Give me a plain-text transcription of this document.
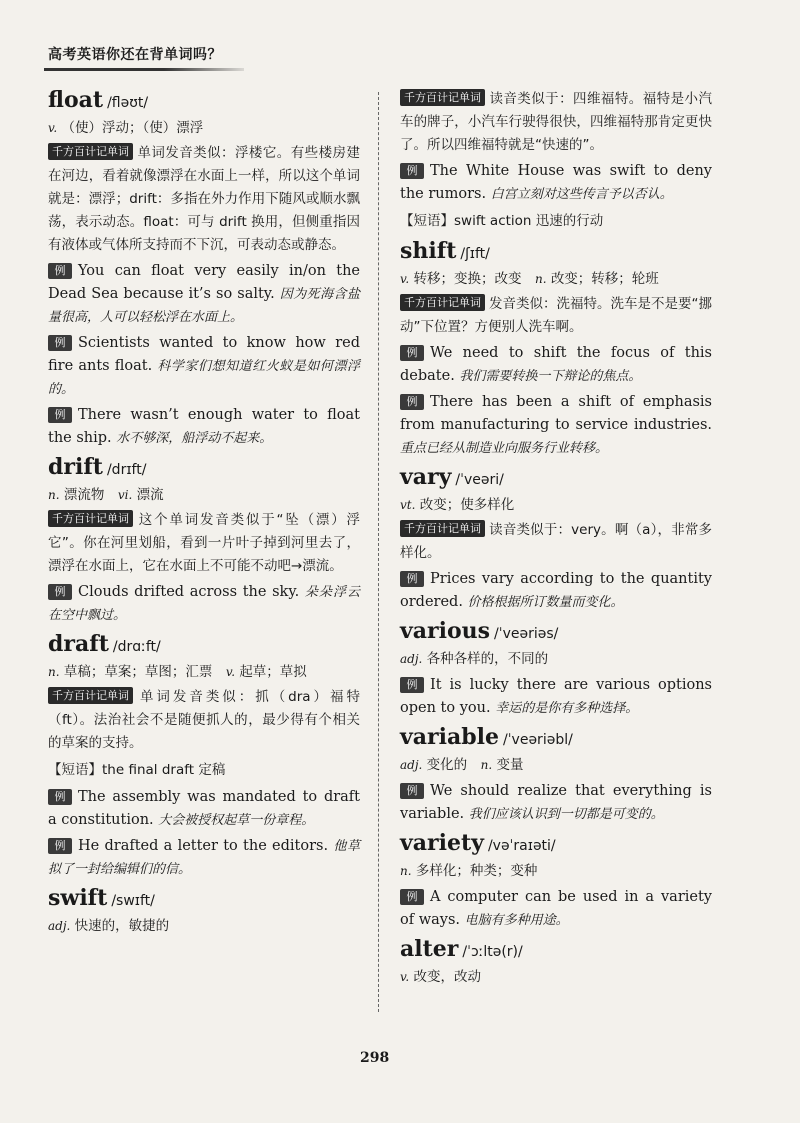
高考英语你还在背单词吗？
float /fləʊt/
v. （使）浮动；（使）漂浮　
千方百计记单词 单词发音类似：浮楼它。有些楼房建在河边，看着就像漂浮在水面上一样，所以这个单词就是：漂浮；drift：多指在外力作用下随风或顺水飘荡，表示动态。float：可与 drift 换用，但侧重指因有液体或气体所支持而不下沉，可表动态或静态。
例 You can float very easily in/on the Dead Sea because it’s so salty. 因为死海含盐量很高，人可以轻松浮在水面上。
例 Scientists wanted to know how red fire ants float. 科学家们想知道红火蚁是如何漂浮的。
例 There wasn’t enough water to float the ship. 水不够深，船浮动不起来。
drift /drɪft/
n. 漂流物　 vi. 漂流　
千方百计记单词 这个单词发音类似于“坠（漂）浮它”。你在河里划船，看到一片叶子掉到河里去了，漂浮在水面上，它在水面上不可能不动吧→漂流。
例 Clouds drifted across the sky. 朵朵浮云在空中飘过。
draft /drɑːft/
n. 草稿；草案；草图；汇票　 v. 起草；草拟　
千方百计记单词 单词发音类似：抓（dra）福特（ft）。法治社会不是随便抓人的，最少得有个相关的草案的支持。
【短语】the final draft 定稿
例 The assembly was mandated to draft a constitution. 大会被授权起草一份章程。
例 He drafted a letter to the editors. 他草拟了一封给编辑们的信。
swift /swɪft/
adj. 快速的，敏捷的　
千方百计记单词 读音类似于：四维福特。福特是小汽车的牌子，小汽车行驶得很快，四维福特那肯定更快了。所以四维福特就是“快速的”。
例 The White House was swift to deny the rumors. 白宫立刻对这些传言予以否认。
【短语】swift action 迅速的行动
shift /ʃɪft/
v. 转移；变换；改变　 n. 改变；转移；轮班　
千方百计记单词 发音类似：洗福特。洗车是不是要“挪动”下位置？方便别人洗车啊。
例 We need to shift the focus of this debate. 我们需要转换一下辩论的焦点。
例 There has been a shift of emphasis from manufacturing to service industries. 重点已经从制造业向服务行业转移。
vary /ˈveəri/
vt. 改变；使多样化　
千方百计记单词 读音类似于：very。啊（a），非常多样化。
例 Prices vary according to the quantity ordered. 价格根据所订数量而变化。
various /ˈveəriəs/
adj. 各种各样的，不同的　
例 It is lucky there are various options open to you. 幸运的是你有多种选择。
variable /ˈveəriəbl/
adj. 变化的　 n. 变量　
例 We should realize that everything is variable. 我们应该认识到一切都是可变的。
variety /vəˈraɪəti/
n. 多样化；种类；变种　
例 A computer can be used in a variety of ways. 电脑有多种用途。
alter /ˈɔːltə(r)/
v. 改变，改动　
298
